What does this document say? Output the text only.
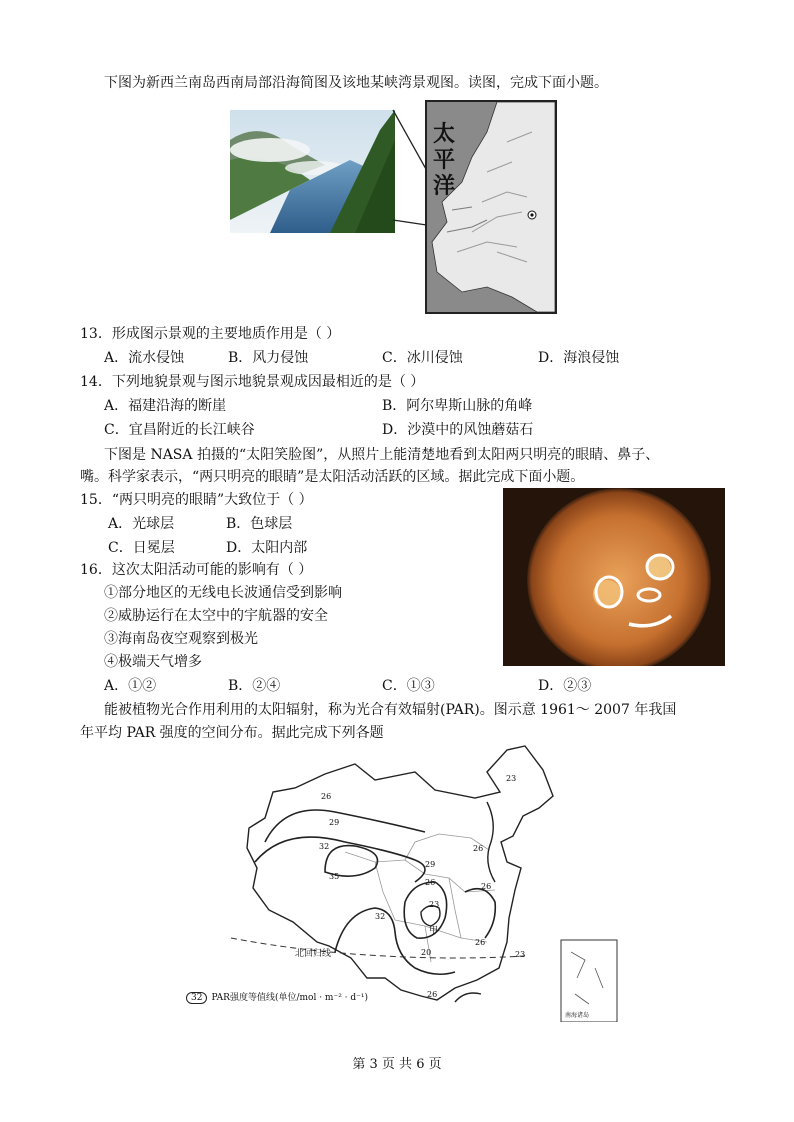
下图为新西兰南岛西南局部沿海简图及该地某峡湾景观图。读图，完成下面小题。
太平洋
13．形成图示景观的主要地质作用是（ ）
A．流水侵蚀	B．风力侵蚀	C．冰川侵蚀	D．海浪侵蚀
14．下列地貌景观与图示地貌景观成因最相近的是（ ）
A．福建沿海的断崖	B．阿尔卑斯山脉的角峰
C．宜昌附近的长江峡谷	D．沙漠中的风蚀蘑菇石
下图是 NASA 拍摄的“太阳笑脸图”，从照片上能清楚地看到太阳两只明亮的眼睛、鼻子、
嘴。科学家表示，“两只明亮的眼睛”是太阳活动活跃的区域。据此完成下面小题。
15．“两只明亮的眼睛”大致位于（ ）
A．光球层	B．色球层
C．日冕层	D．太阳内部
16．这次太阳活动可能的影响有（ ）
①部分地区的无线电长波通信受到影响
②威胁运行在太空中的宇航器的安全
③海南岛夜空观察到极光
④极端天气增多
A．①②	B．②④	C．①③	D．②③
能被植物光合作用利用的太阳辐射，称为光合有效辐射(PAR)。图示意 1961～ 2007 年我国
年平均 PAR 强度的空间分布。据此完成下列各题
23
26
29
32
35
26
29
26
26
23
20
26
23
26
32
北回归线
甲
南海诸岛
32 PAR强度等值线(单位/mol · m⁻² · d⁻¹)
第 3 页 共 6 页
